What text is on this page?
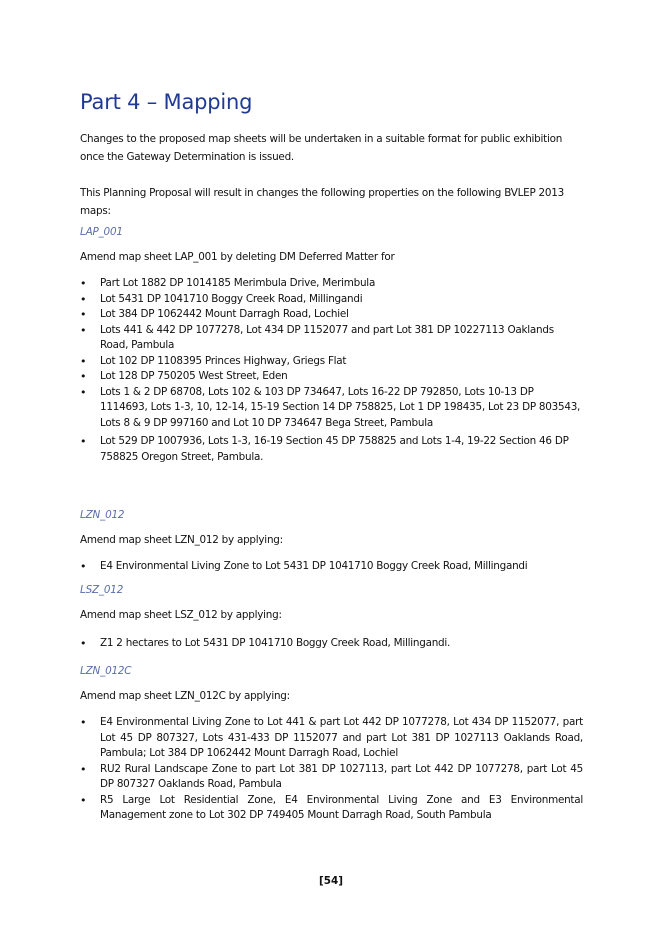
Part 4 – Mapping

Changes to the proposed map sheets will be undertaken in a suitable format for public exhibition once the Gateway Determination is issued.

This Planning Proposal will result in changes the following properties on the following BVLEP 2013 maps:

LAP_001

Amend map sheet LAP_001 by deleting DM Deferred Matter for

• Part Lot 1882 DP 1014185 Merimbula Drive, Merimbula
• Lot 5431 DP 1041710 Boggy Creek Road, Millingandi
• Lot 384 DP 1062442 Mount Darragh Road, Lochiel
• Lots 441 & 442 DP 1077278, Lot 434 DP 1152077 and part Lot 381 DP 10227113 Oaklands Road, Pambula
• Lot 102 DP 1108395 Princes Highway, Griegs Flat
• Lot 128 DP 750205 West Street, Eden
• Lots 1 & 2 DP 68708, Lots 102 & 103 DP 734647, Lots 16-22 DP 792850, Lots 10-13 DP 1114693, Lots 1-3, 10, 12-14, 15-19 Section 14 DP 758825, Lot 1 DP 198435, Lot 23 DP 803543, Lots 8 & 9 DP 997160 and Lot 10 DP 734647 Bega Street, Pambula
• Lot 529 DP 1007936, Lots 1-3, 16-19 Section 45 DP 758825 and Lots 1-4, 19-22 Section 46 DP 758825 Oregon Street, Pambula.

LZN_012

Amend map sheet LZN_012 by applying:

• E4 Environmental Living Zone to Lot 5431 DP 1041710 Boggy Creek Road, Millingandi

LSZ_012

Amend map sheet LSZ_012 by applying:

• Z1 2 hectares to Lot 5431 DP 1041710 Boggy Creek Road, Millingandi.

LZN_012C

Amend map sheet LZN_012C by applying:

• E4 Environmental Living Zone to Lot 441 & part Lot 442 DP 1077278, Lot 434 DP 1152077, part Lot 45 DP 807327, Lots 431-433 DP 1152077 and part Lot 381 DP 1027113 Oaklands Road, Pambula; Lot 384 DP 1062442 Mount Darragh Road, Lochiel
• RU2 Rural Landscape Zone to part Lot 381 DP 1027113, part Lot 442 DP 1077278, part Lot 45 DP 807327 Oaklands Road, Pambula
• R5 Large Lot Residential Zone, E4 Environmental Living Zone and E3 Environmental Management zone to Lot 302 DP 749405 Mount Darragh Road, South Pambula
[54]
